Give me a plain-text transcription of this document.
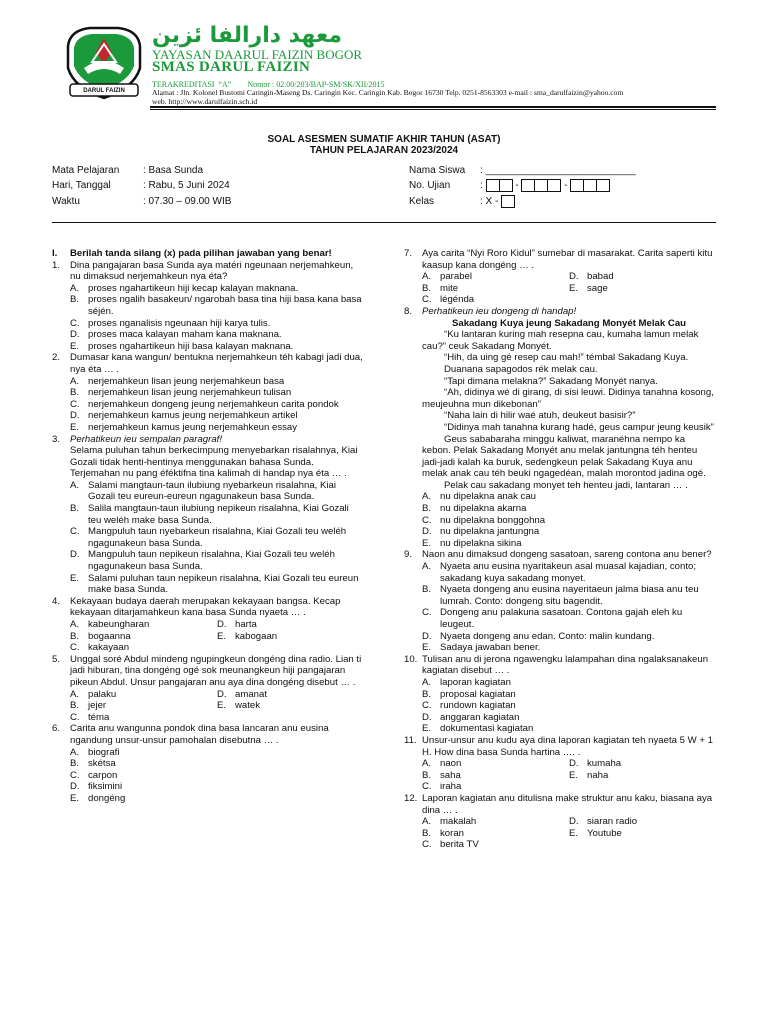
DARUL FAIZIN
معهد دارالفا ئزين
YAYASAN DAARUL FAIZIN BOGOR
SMAS DARUL FAIZIN
TERAKREDITASI  “A”        Nomor : 02.00/203/BAP-SM/SK/XII/2015
Alamat : Jln. Kolonel Bustomi Caringin-Maseng Ds. Caringin Kec. Caringin Kab. Bogor 16730 Telp. 0251-8563303 e-mail : sma_darulfaizin@yahoo.com
web. http://www.darulfaizin.sch.id
SOAL ASESMEN SUMATIF AKHIR TAHUN (ASAT)
TAHUN PELAJARAN 2023/2024
Mata Pelajaran : Basa Sunda
Hari, Tanggal	: Rabu, 5 Juni 2024
Waktu	: 07.30 – 09.00 WIB
Nama Siswa : ___________________________
No. Ujian	:	-	-
Kelas	: X -
I. Berilah tanda silang (x) pada pilihan jawaban yang benar!
1. Dina pangajaran basa Sunda aya matéri ngeunaan nerjemahkeun, nu dimaksud nerjemahkeun nya éta?
A. proses ngahartikeun hiji kecap kalayan maknana.
B. proses ngalih basakeun/ ngarobah basa tina hiji basa kana basa séjén.
C. proses nganalisis ngeunaan hiji karya tulis.
D. proses maca kalayan maham kana maknana.
E. proses ngahartikeun hiji basa kalayan maknana.
2. Dumasar kana wangun/ bentukna nerjemahkeun téh kabagi jadi dua, nya éta … .
A. nerjemahkeun lisan jeung nerjemahkeun basa
B. nerjemahkeun lisan jeung nerjemahkeun tulisan
C. nerjemahkeun dongeng jeung nerjemahkeun carita pondok
D. nerjemahkeun kamus jeung nerjemahkeun artikel
E. nerjemahkeun kamus jeung nerjemahkeun essay
3. Perhatikeun ieu sempalan paragraf!
Selama puluhan tahun berkecimpung menyebarkan risalahnya, Kiai Gozali tidak henti-hentinya menggunakan bahasa Sunda.
Terjemahan nu pang éféktifna tina kalimah di handap nya éta … .
A. Salami mangtaun-taun ilubiung nyebarkeun risalahna, Kiai Gozali teu eureun-eureun ngagunakeun basa Sunda.
B. Salila mangtaun-taun ilubiung nepikeun risalahna, Kiai Gozali teu weléh make basa Sunda.
C. Mangpuluh taun nyebarkeun risalahna, Kiai Gozali teu weléh ngagunakeun basa Sunda.
D. Mangpuluh taun nepikeun risalahna, Kiai Gozali teu weléh ngagunakeun basa Sunda.
E. Salami puluhan taun nepikeun risalahna, Kiai Gozali teu eureun make basa Sunda.
4. Kekayaan budaya daerah merupakan kekayaan bangsa. Kecap kekayaan ditarjamahkeun kana basa Sunda nyaeta … .
A. kabeungharan	D. harta
B. bogaanna	E. kabogaan
C. kakayaan
5. Unggal soré Abdul mindeng ngupingkeun dongéng dina radio. Lian ti jadi hiburan, tina dongéng ogé sok meunangkeun hiji pangajaran pikeun Abdul. Unsur pangajaran anu aya dina dongéng disebut … .
A. palaku	D. amanat
B. jejer	E. watek
C. téma
6. Carita anu wangunna pondok dina basa lancaran anu eusina ngandung unsur-unsur pamohalan disebutna … .
A. biografi
B. skétsa
C. carpon
D. fiksimini
E. dongéng
7. Aya carita “Nyi Roro Kidul” sumebar di masarakat. Carita saperti kitu kaasup kana dongéng … .
A. parabel	D. babad
B. mite	E. sage
C. légénda
8. Perhatikeun ieu dongeng di handap!

Sakadang Kuya jeung Sakadang Monyét Melak Cau

“Ku lantaran kuring mah resepna cau, kumaha lamun melak cau?” ceuk Sakadang Monyét.

“Hih, da uing gé resep cau mah!” témbal Sakadang Kuya.

Duanana sapagodos rék melak cau.

“Tapi dimana melakna?” Sakadang Monyét nanya.

“Ah, didinya wé di girang, di sisi leuwi. Didinya tanahna kosong, meujeuhna mun dikebonan”

“Naha lain di hilir waé atuh, deukeut basisir?”

“Didinya mah tanahna kurang hadé, geus campur jeung keusik”

Geus sababaraha minggu kaliwat, maranéhna nempo ka kebon. Pelak Sakadang Monyét anu melak jantungna téh henteu jadi-jadi kalah ka buruk, sedengkeun pelak Sakadang Kuya anu melak anak cau téh beuki ngagedéan, malah morontod jadina ogé.

Pelak cau sakadang monyet teh henteu jadi, lantaran … .
A. nu dipelakna anak cau
B. nu dipelakna akarna
C. nu dipelakna bonggohna
D. nu dipelakna jantungna
E. nu dipelakna sikina
9. Naon anu dimaksud dongeng sasatoan, sareng contona anu bener?
A. Nyaeta anu eusina nyaritakeun asal muasal kajadian, conto; sakadang kuya sakadang monyet.
B. Nyaeta dongeng anu eusina nayeritaeun jalma biasa anu teu lumrah. Conto: dongeng situ bagendit.
C. Dongeng anu palakuna sasatoan. Contona gajah eleh ku leugeut.
D. Nyaeta dongeng anu edan. Conto: malin kundang.
E. Sadaya jawaban bener.
10. Tulisan anu di jerona ngawengku lalampahan dina ngalaksanakeun kagiatan disebut … .
A. laporan kagiatan
B. proposal kagiatan
C. rundown kagiatan
D. anggaran kagiatan
E. dokumentasi kagiatan
11. Unsur-unsur anu kudu aya dina laporan kagiatan teh nyaeta 5 W + 1 H. How dina basa Sunda hartina …. .
A. naon	D. kumaha
B. saha	E. naha
C. iraha
12. Laporan kagiatan anu ditulisna make struktur anu kaku, biasana aya dina … .
A. makalah	D. siaran radio
B. koran	E. Youtube
C. berita TV
